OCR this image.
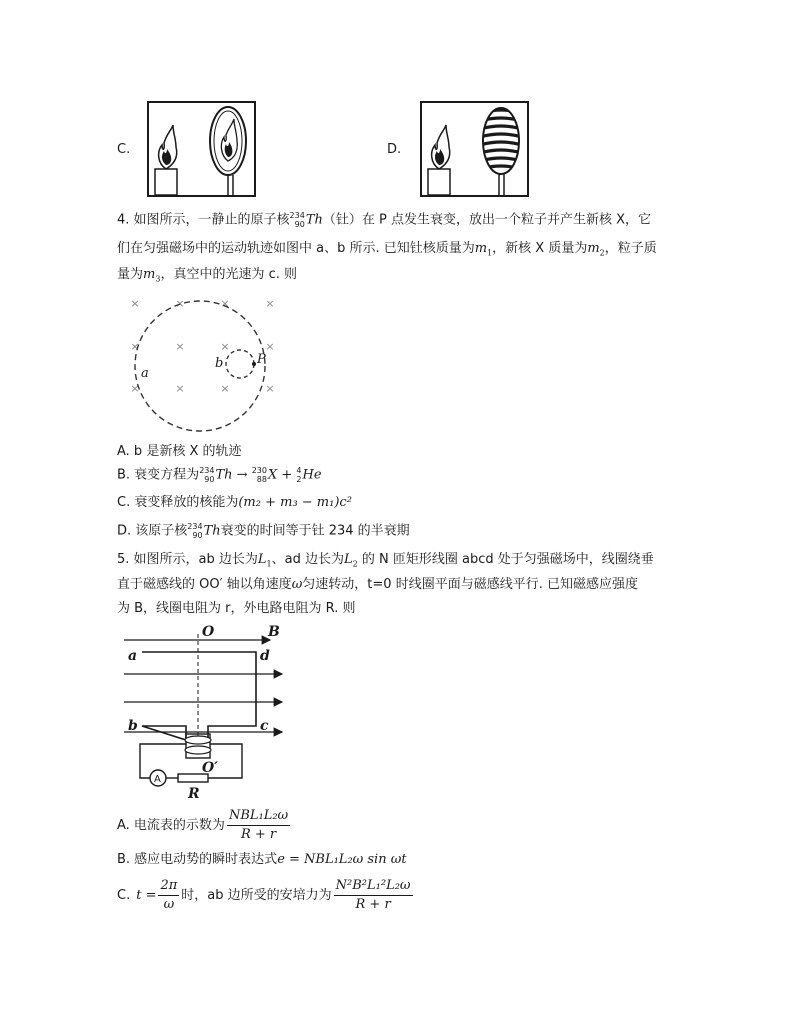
C.	D.
4. 如图所示，一静止的原子核 234
90 Th（钍）在 P 点发生衰变，放出一个粒子并产生新核 X，它
们在匀强磁场中的运动轨迹如图中 a、b 所示. 已知钍核质量为$m_1$，新核 X 质量为$m_2$，粒子质
量为$m_3$，真空中的光速为 c. 则
×	×	×	×
×	×	×	×
×	×	×	×
a
b	P
A. b 是新核 X 的轨迹
B. 衰变方程为 234
90 Th → 230
88 X + 4
2 He
C. 衰变释放的核能为(m₂ + m₃ − m₁)c²
D. 该原子核 234
90 Th衰变的时间等于钍 234 的半衰期
5. 如图所示，ab 边长为$L_1$、ad 边长为$L_2$ 的 N 匝矩形线圈 abcd 处于匀强磁场中，线圈绕垂
直于磁感线的 OO′ 轴以角速度ω匀速转动，t=0 时线圈平面与磁感线平行. 已知磁感应强度
为 B，线圈电阻为 r，外电路电阻为 R. 则
O	B
a	d
b	c
O′
R
A
A. 电流表的示数为 $\frac{\text{NBL₁L₂ω}}{R + r}$
B. 感应电动势的瞬时表达式e = NBL₁L₂ω sin ωt
C. $t = \frac{2\pi}{\omega}$ 时，ab 边所受的安培力为 $\frac{\text{N²B²L₁²L₂ω}}{R + r}$
